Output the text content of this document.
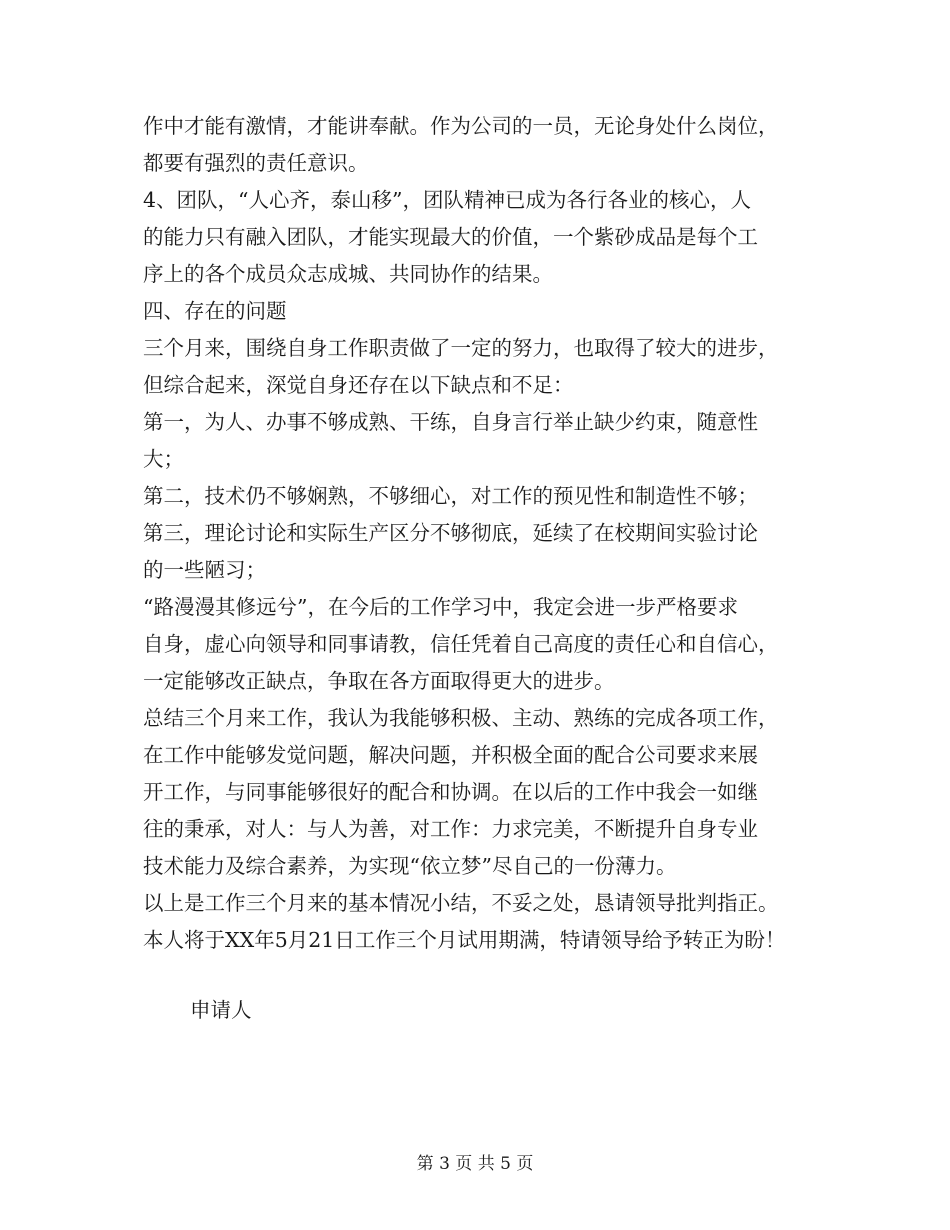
作中才能有激情，才能讲奉献。作为公司的一员，无论身处什么岗位，
都要有强烈的责任意识。
4、团队，“人心齐，泰山移”，团队精神已成为各行各业的核心，人
的能力只有融入团队，才能实现最大的价值，一个紫砂成品是每个工
序上的各个成员众志成城、共同协作的结果。
四、存在的问题
三个月来，围绕自身工作职责做了一定的努力，也取得了较大的进步，
但综合起来，深觉自身还存在以下缺点和不足：
第一，为人、办事不够成熟、干练，自身言行举止缺少约束，随意性
大；
第二，技术仍不够娴熟，不够细心，对工作的预见性和制造性不够；
第三，理论讨论和实际生产区分不够彻底，延续了在校期间实验讨论
的一些陋习；
“路漫漫其修远兮”，在今后的工作学习中，我定会进一步严格要求
自身，虚心向领导和同事请教，信任凭着自己高度的责任心和自信心，
一定能够改正缺点，争取在各方面取得更大的进步。
总结三个月来工作，我认为我能够积极、主动、熟练的完成各项工作，
在工作中能够发觉问题，解决问题，并积极全面的配合公司要求来展
开工作，与同事能够很好的配合和协调。在以后的工作中我会一如继
往的秉承，对人：与人为善，对工作：力求完美，不断提升自身专业
技术能力及综合素养，为实现“依立梦”尽自己的一份薄力。
以上是工作三个月来的基本情况小结，不妥之处，恳请领导批判指正。
本人将于XX年5月21日工作三个月试用期满，特请领导给予转正为盼！
申请人
第 3 页 共 5 页
